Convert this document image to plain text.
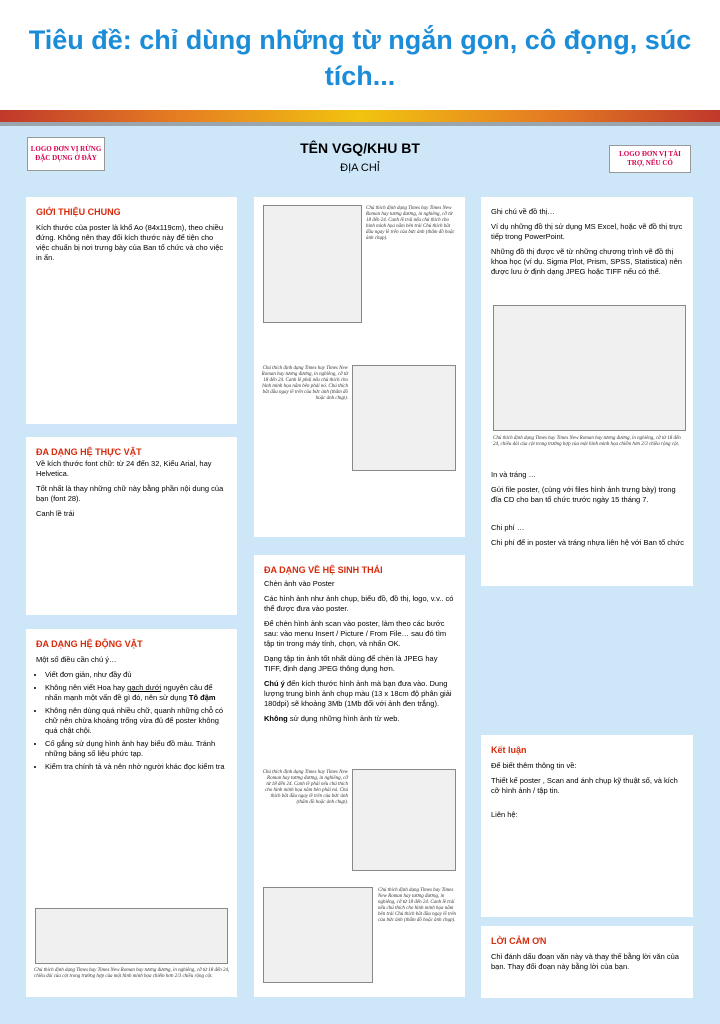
Tiêu đề: chỉ dùng những từ ngắn gọn, cô đọng, súc tích...
LOGO ĐƠN VỊ RỪNG ĐẶC DỤNG Ở ĐÂY	LOGO ĐƠN VỊ TÀI TRỢ, NẾU CÓ
TÊN VGQ/KHU BT
ĐỊA CHỈ
GIỚI THIỆU CHUNG
Kích thước của poster là khổ Ao (84x119cm), theo chiều đứng. Không nên thay đổi kích thước này để tiện cho việc chuẩn bị nơi trưng bày của Ban tổ chức và cho việc in ấn.
ĐA DẠNG HỆ THỰC VẬT
Về kích thước font chữ: từ 24 đến 32, Kiểu Arial, hay Helvetica.
Tốt nhất là thay những chữ này bằng phần nội dung của bạn (font 28).
Canh lề trái
ĐA DẠNG HỆ ĐỘNG VẬT
Một số điều cần chú ý…
• Viết đơn giản, như đầy đủ
• Không nên viết Hoa hay gạch dưới nguyên câu để nhấn mạnh một vấn đề gì đó, nên sử dụng Tô đậm
• Không nên dùng quá nhiều chữ, quanh những chỗ có chữ nên chừa khoảng trống vừa đủ để poster không quá chật chội.
• Cố gắng sử dụng hình ảnh hay biểu đồ màu. Tránh những bảng số liệu phức tạp.
• Kiểm tra chính tả và nên nhờ người khác đọc kiểm tra
Chú thích định dạng Times hay Times New Roman hay tương đương, in nghiêng, cỡ từ 18 đến 24, chiều dài của cột trong trường hợp của một hình minh họa chiếm hơn 2/3 chiều rộng cột.
Chú thích định dạng Times hay Times New Roman hay tương đương, in nghiêng, cỡ từ 18 đến 24. Canh lề trái nếu chú thích cho hình minh họa nằm bên trái Chú thích bắt đầu ngay lề trên của bức ảnh (thẩm đồ hoặc ảnh chụp).
Chú thích định dạng Times hay Times New Roman hay tương đương, in nghiêng, cỡ từ 18 đến 24. Canh lề phải nếu chú thích cho hình minh họa nằm bên phải nó. Chú thích bắt đầu ngay lề trên của bức ảnh (thẩm đồ hoặc ảnh chụp).
ĐA DẠNG VỀ HỆ SINH THÁI
Chèn ảnh vào Poster
Các hình ảnh như ảnh chụp, biểu đồ, đồ thị, logo, v.v.. có thể được đưa vào poster.
Để chèn hình ảnh scan vào poster, làm theo các bước sau: vào menu Insert / Picture / From File… sau đó tìm tập tin trong máy tính, chọn, và nhấn OK.
Dạng tập tin ảnh tốt nhất dùng để chèn là JPEG hay TIFF, định dạng JPEG thông dụng hơn.
Chú ý đến kích thước hình ảnh mà bạn đưa vào. Dung lượng trung bình ảnh chụp màu (13 x 18cm độ phân giải 180dpi) sẽ khoảng 3Mb (1Mb đối với ảnh đen trắng).
Không sử dụng những hình ảnh từ web.
Chú thích định dạng Times hay Times New Roman hay tương đương, in nghiêng, cỡ từ 18 đến 24. Canh lề phải nếu chú thích cho hình minh họa nằm bên phải nó. Chú thích bắt đầu ngay lề trên của bức ảnh (thẩm đồ hoặc ảnh chụp).
Chú thích định dạng Times hay Times New Roman hay tương đương, in nghiêng, cỡ từ 18 đến 24. Canh lề trái nếu chú thích cho hình minh họa nằm bên trái Chú thích bắt đầu ngay lề trên của bức ảnh (thẩm đồ hoặc ảnh chụp).
Ghi chú về đồ thị…
Ví dụ những đồ thị sử dụng MS Excel, hoặc vẽ đồ thị trực tiếp trong PowerPoint.
Những đồ thị được vẽ từ những chương trình vẽ đồ thị khoa học (ví dụ. Sigma Plot, Prism, SPSS, Statistica) nên được lưu ở định dạng JPEG hoặc TIFF nếu có thể.
Chú thích định dạng Times hay Times New Roman hay tương đương, in nghiêng, cỡ từ 18 đến 24, chiều dài của cột trong trường hợp của một hình minh họa chiếm hơn 2/3 chiều rộng cột.
In và tráng …
Gửi file poster, (cùng với files hình ảnh trưng bày) trong đĩa CD cho ban tổ chức trước ngày 15 tháng 7.
Chi phí …
Chi phí để in poster và tráng nhựa liên hệ với Ban tổ chức
Kết luận
Để biết thêm thông tin về:
Thiết kế poster , Scan and ánh chụp kỹ thuật số, và kích cỡ hình ảnh / tập tin.
Liên hệ:
LỜI CẢM ƠN
Chỉ đánh dấu đoạn văn này và thay thế bằng lời văn của bạn. Thay đổi đoạn này bằng lời của bạn.
